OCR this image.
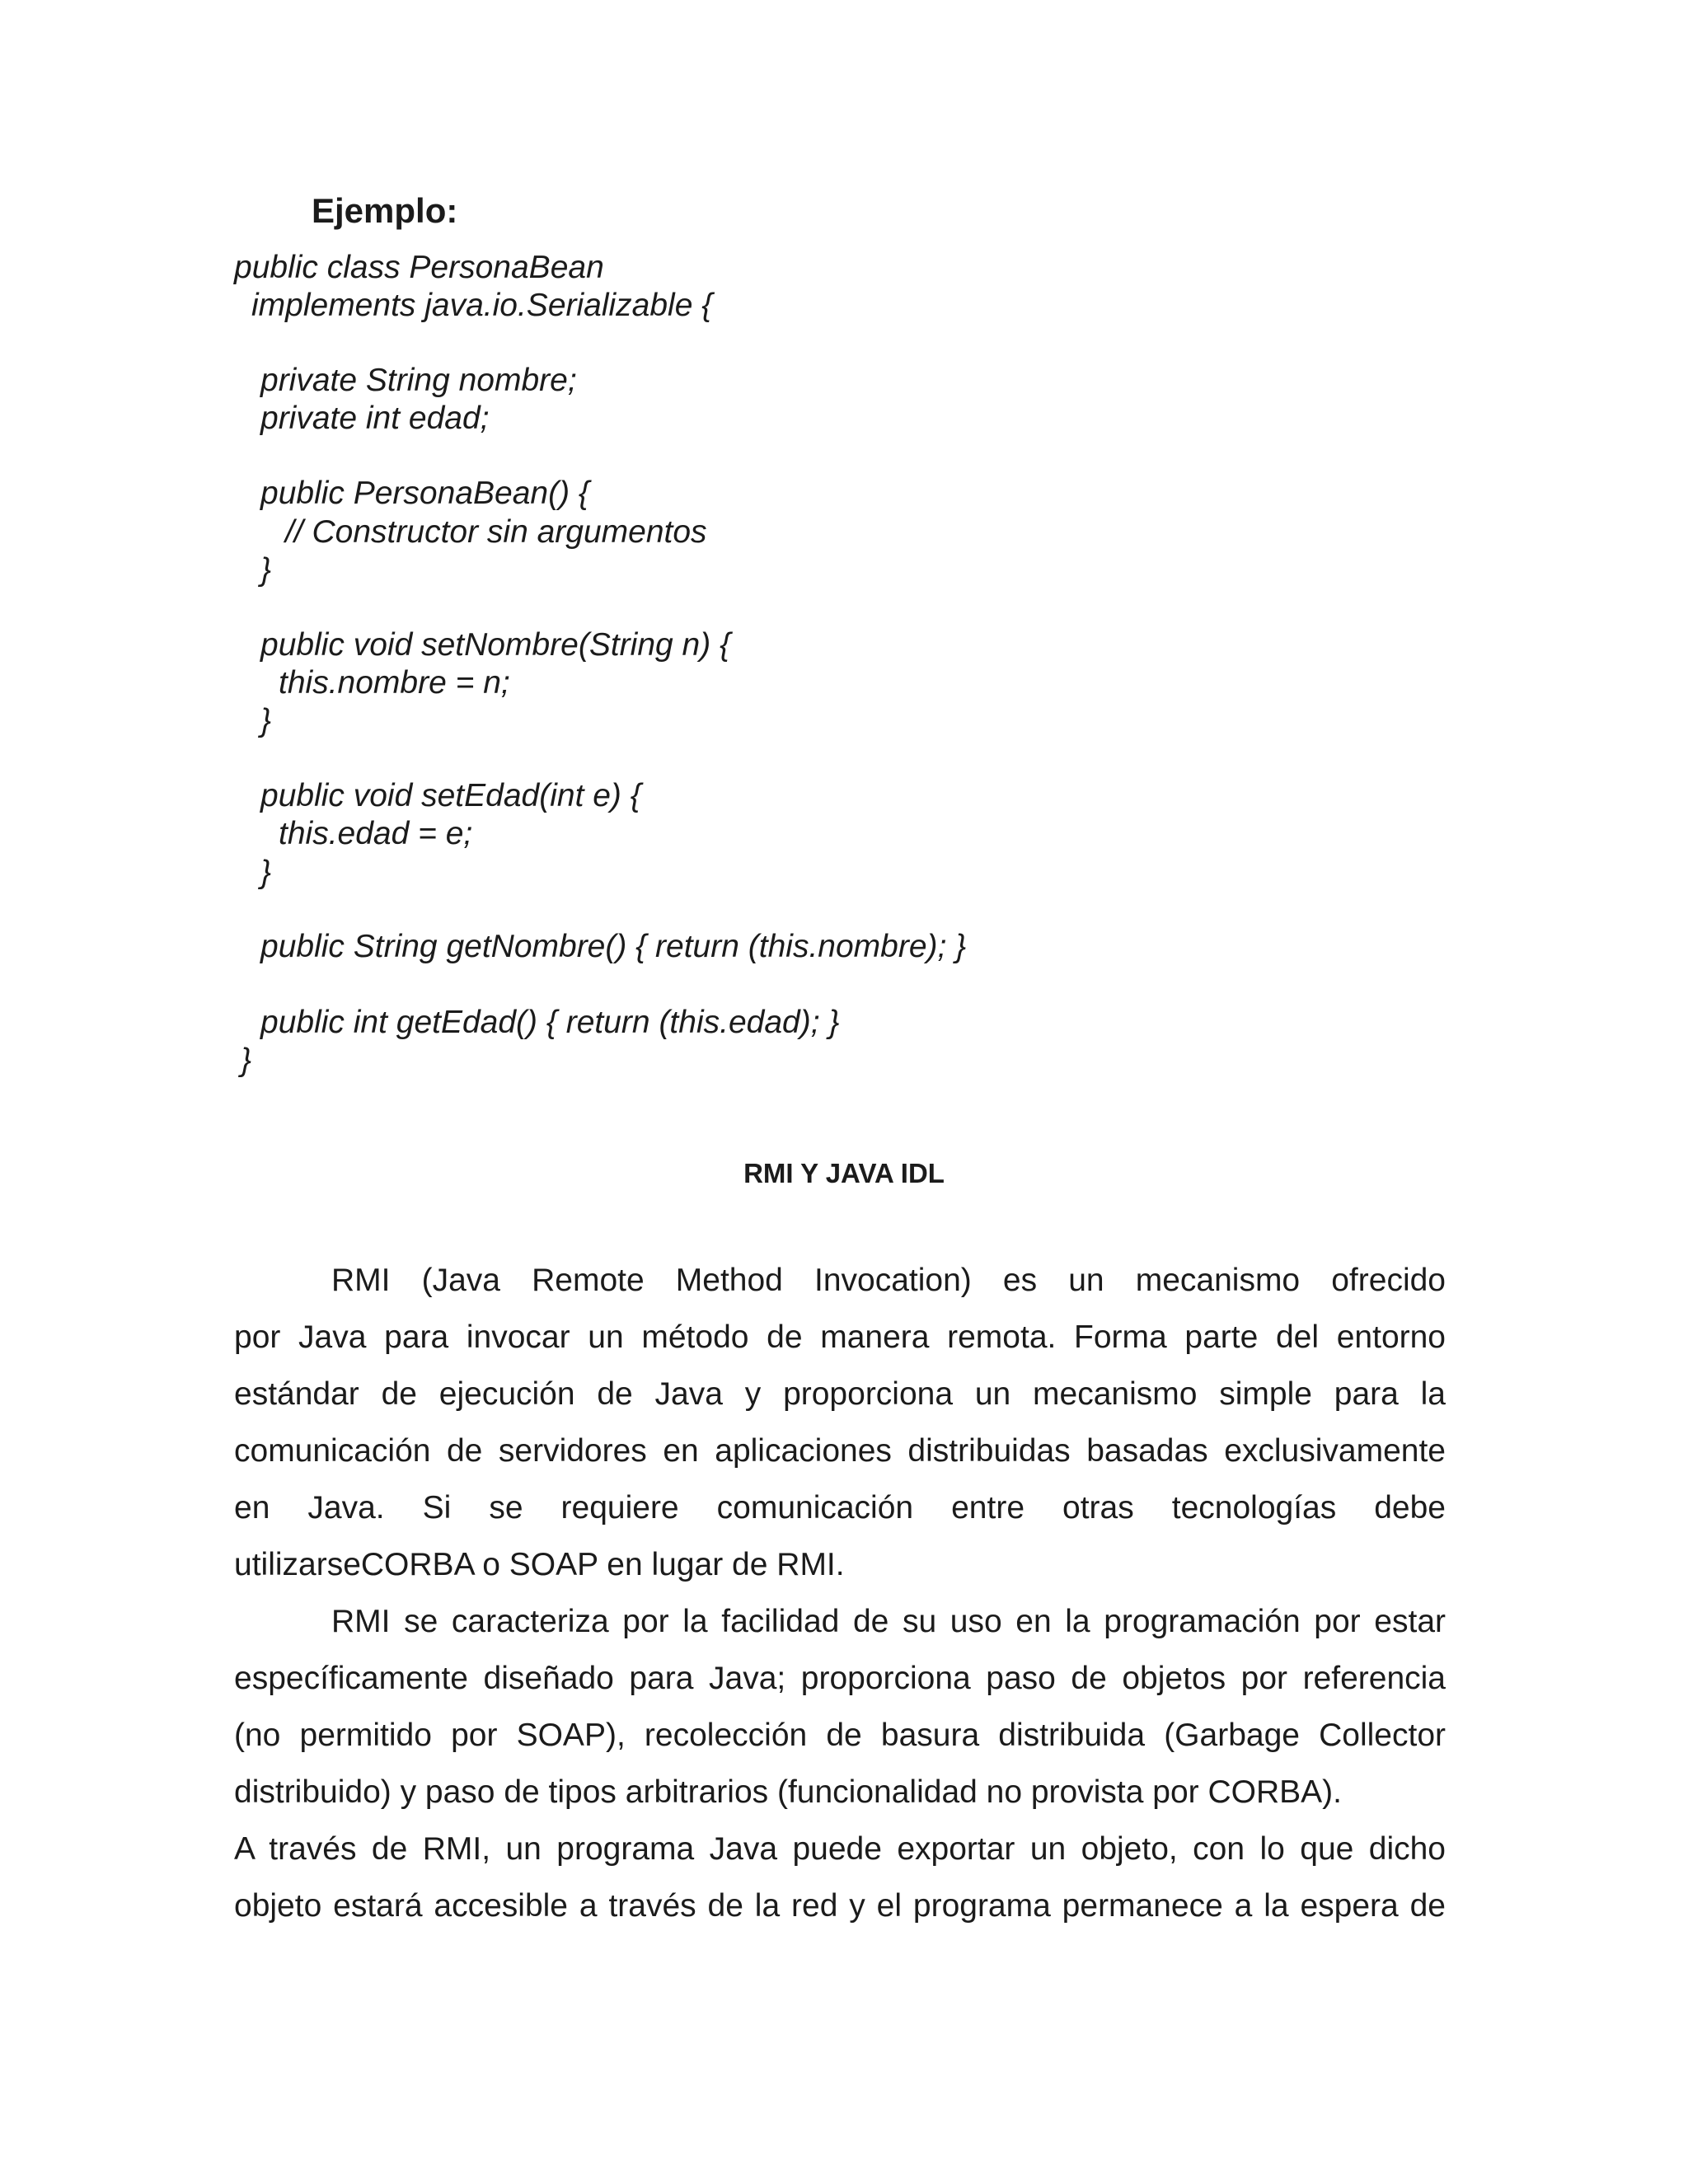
Ejemplo:
public class PersonaBean
implements java.io.Serializable {
private String nombre;
private int edad;
public PersonaBean() {
// Constructor sin argumentos
}
public void setNombre(String n) {
this.nombre = n;
}
public void setEdad(int e) {
this.edad = e;
}
public String getNombre() { return (this.nombre); }
public int getEdad() { return (this.edad); }
}
RMI Y JAVA IDL
RMI (Java Remote Method Invocation) es un mecanismo ofrecido
por Java para invocar un método de manera remota. Forma parte del entorno
estándar de ejecución de Java y proporciona un mecanismo simple para la
comunicación de servidores en aplicaciones distribuidas basadas exclusivamente
en Java. Si se requiere comunicación entre otras tecnologías debe
utilizarseCORBA o SOAP en lugar de RMI.
RMI se caracteriza por la facilidad de su uso en la programación por estar
específicamente diseñado para Java; proporciona paso de objetos por referencia
(no permitido por SOAP), recolección de basura distribuida (Garbage Collector
distribuido) y paso de tipos arbitrarios (funcionalidad no provista por CORBA).
A través de RMI, un programa Java puede exportar un objeto, con lo que dicho
objeto estará accesible a través de la red y el programa permanece a la espera de
